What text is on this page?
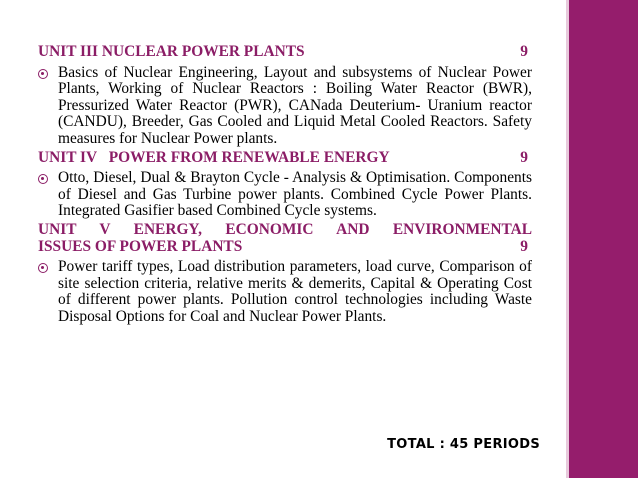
UNIT III NUCLEAR POWER PLANTS	9

Basics of Nuclear Engineering, Layout and subsystems of Nuclear Power Plants, Working of Nuclear Reactors : Boiling Water Reactor (BWR), Pressurized Water Reactor (PWR), CANada Deuterium- Uranium reactor (CANDU), Breeder, Gas Cooled and Liquid Metal Cooled Reactors. Safety measures for Nuclear Power plants.

UNIT IV   POWER FROM RENEWABLE ENERGY	9

Otto, Diesel, Dual & Brayton Cycle - Analysis & Optimisation. Components of Diesel and Gas Turbine power plants. Combined Cycle Power Plants. Integrated Gasifier based Combined Cycle systems.

UNIT V ENERGY, ECONOMIC AND ENVIRONMENTAL

ISSUES OF POWER PLANTS	9

Power tariff types, Load distribution parameters, load curve, Comparison of site selection criteria, relative merits & demerits, Capital & Operating Cost of different power plants. Pollution control technologies including Waste Disposal Options for Coal and Nuclear Power Plants.
TOTAL : 45 PERIODS
